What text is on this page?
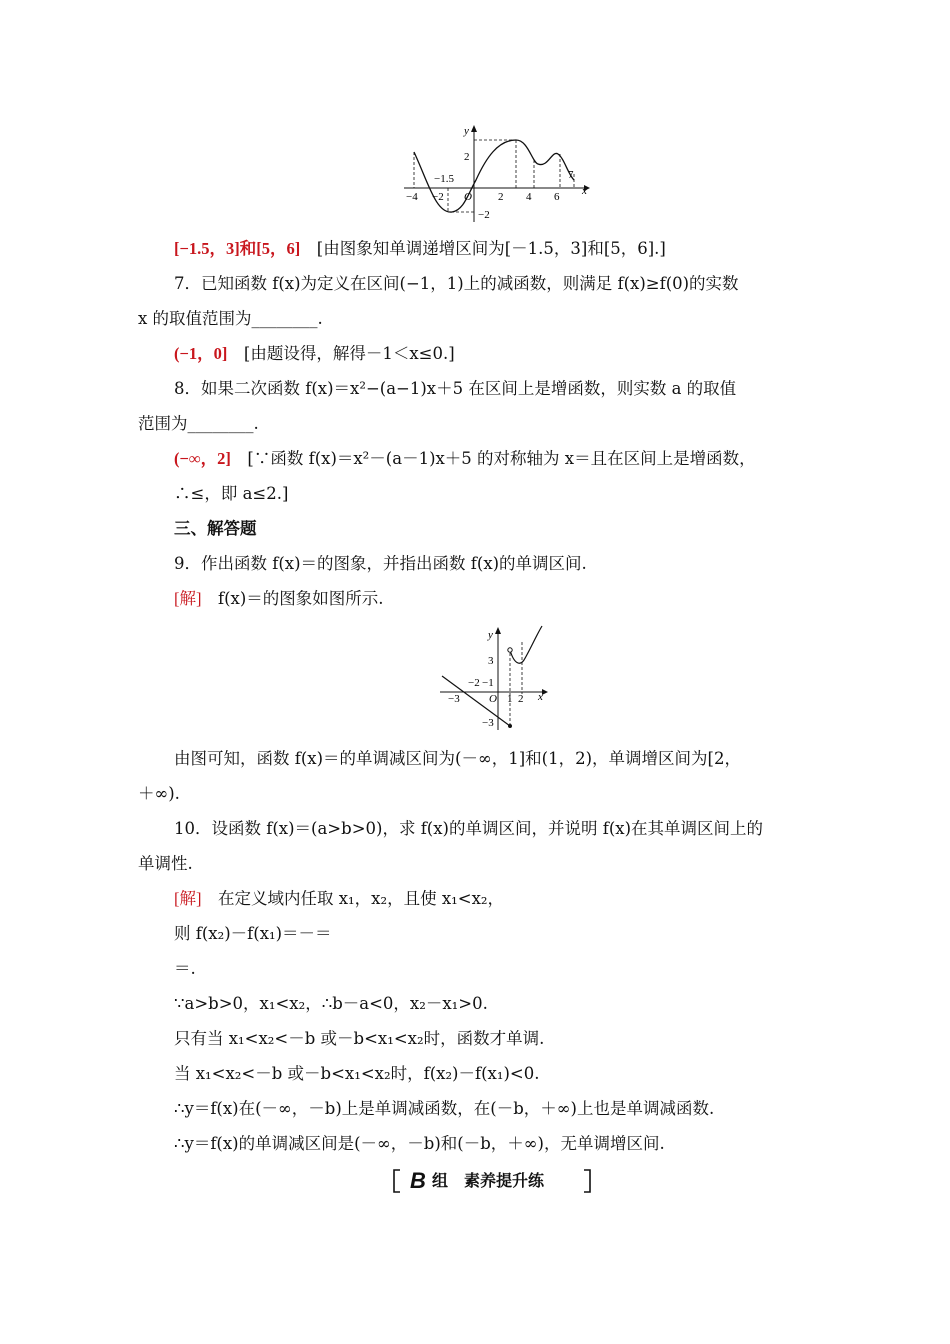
y
x
2
−2
−1.5
−4 −2 O 2 4 6
7
[−1.5，3]和[5，6]　 [由图象知单调递增区间为[－1.5，3]和[5，6].]
7．已知函数 f(x)为定义在区间(−1，1)上的减函数，则满足 f(x)≥f(0)的实数
x 的取值范围为________.
(−1，0]　 [由题设得，解得－1＜x≤0.]
8．如果二次函数 f(x)＝x²−(a−1)x＋5 在区间上是增函数，则实数 a 的取值
范围为________.
(−∞，2]　 [∵函数 f(x)＝x²－(a－1)x＋5 的对称轴为 x＝且在区间上是增函数，
∴≤，即 a≤2.]
三、解答题
9．作出函数 f(x)＝的图象，并指出函数 f(x)的单调区间.
[解]　 f(x)＝的图象如图所示.
y
x
3
−3
−3
−2 −1
O 1 2
由图可知，函数 f(x)＝的单调减区间为(－∞，1]和(1，2)，单调增区间为[2，
＋∞).
10．设函数 f(x)＝(a>b>0)，求 f(x)的单调区间，并说明 f(x)在其单调区间上的
单调性.
[解]　 在定义域内任取 x₁，x₂，且使 x₁<x₂，
则 f(x₂)－f(x₁)＝－＝
＝.
∵a>b>0，x₁<x₂，∴b－a<0，x₂－x₁>0.
只有当 x₁<x₂<－b 或－b<x₁<x₂时，函数才单调.
当 x₁<x₂<－b 或－b<x₁<x₂时，f(x₂)－f(x₁)<0.
∴y＝f(x)在(－∞，－b)上是单调减函数，在(－b，＋∞)上也是单调减函数.
∴y＝f(x)的单调减区间是(－∞，－b)和(－b，＋∞)，无单调增区间.
B 组　素养提升练
